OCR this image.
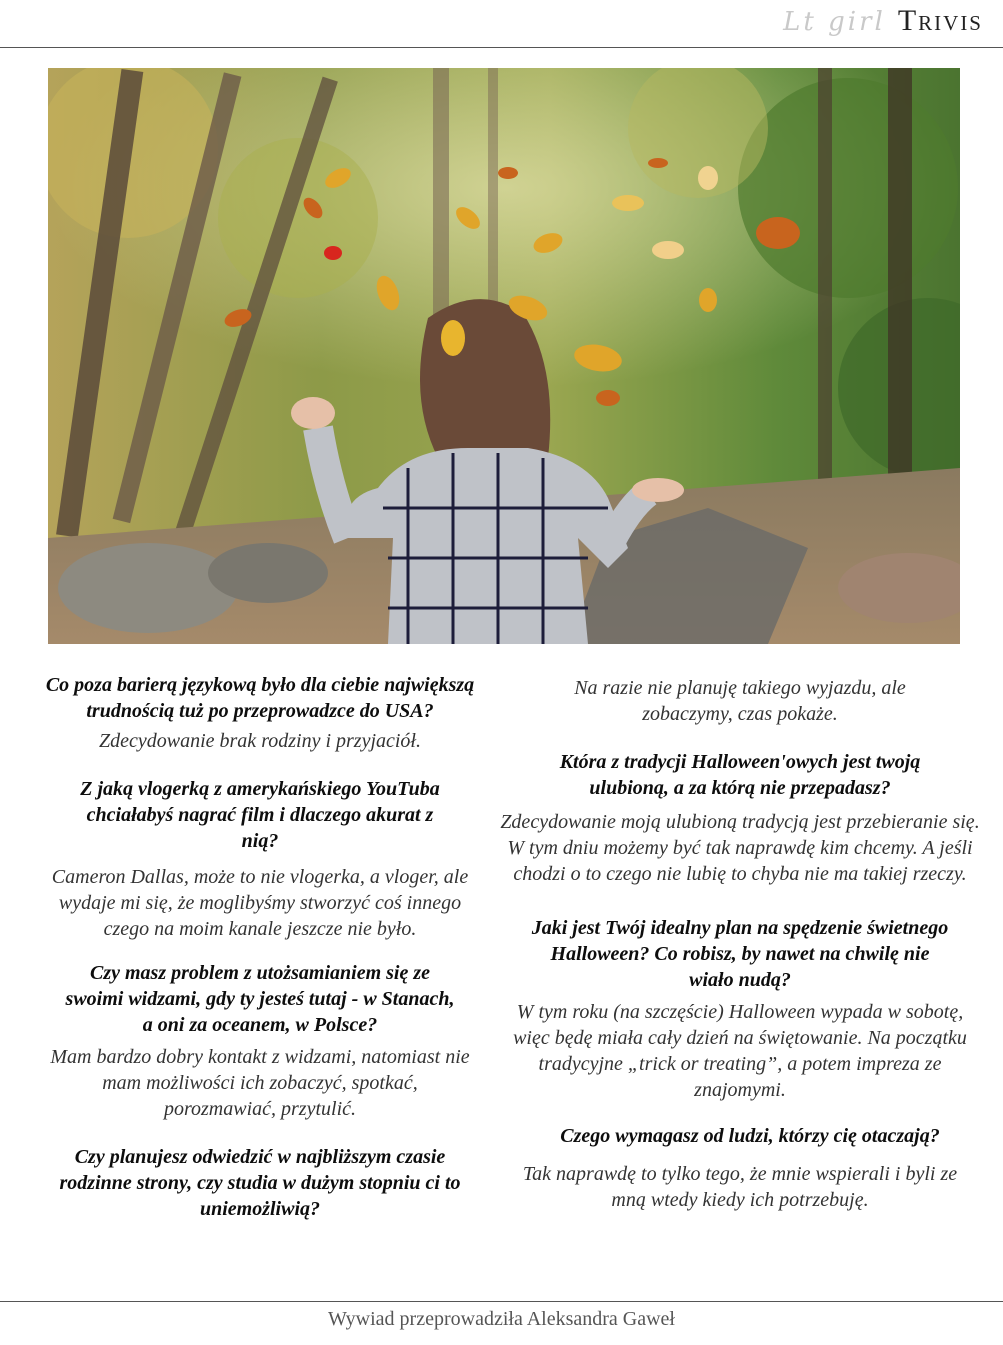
Lt girl Trivis
Co poza barierą językową było dla ciebie największą trudnością tuż po przeprowadzce do USA?
Zdecydowanie brak rodziny i przyjaciół.
Z jaką vlogerką z amerykańskiego YouTuba chciałabyś nagrać film i dlaczego akurat z nią?
Cameron Dallas, może to nie vlogerka, a vloger, ale wydaje mi się, że moglibyśmy stworzyć coś innego czego na moim kanale jeszcze nie było.
Czy masz problem z utożsamianiem się ze swoimi widzami, gdy ty jesteś tutaj - w Stanach, a oni za oceanem, w Polsce?
Mam bardzo dobry kontakt z widzami, natomiast nie mam możliwości ich zobaczyć, spotkać, porozmawiać, przytulić.
Czy planujesz odwiedzić w najbliższym czasie rodzinne strony, czy studia w dużym stopniu ci to uniemożliwią?
Na razie nie planuję takiego wyjazdu, ale zobaczymy, czas pokaże.
Która z tradycji Halloween'owych jest twoją ulubioną, a za którą nie przepadasz?
Zdecydowanie moją ulubioną tradycją jest przebieranie się. W tym dniu możemy być tak naprawdę kim chcemy. A jeśli chodzi o to czego nie lubię to chyba nie ma takiej rzeczy.
Jaki jest Twój idealny plan na spędzenie świetnego Halloween? Co robisz, by nawet na chwilę nie wiało nudą?
W tym roku (na szczęście) Halloween wypada w sobotę, więc będę miała cały dzień na świętowanie. Na początku tradycyjne „trick or treating”, a potem impreza ze znajomymi.
Czego wymagasz od ludzi, którzy cię otaczają?
Tak naprawdę to tylko tego, że mnie wspierali i byli ze mną wtedy kiedy ich potrzebuję.
Wywiad przeprowadziła Aleksandra Gaweł
